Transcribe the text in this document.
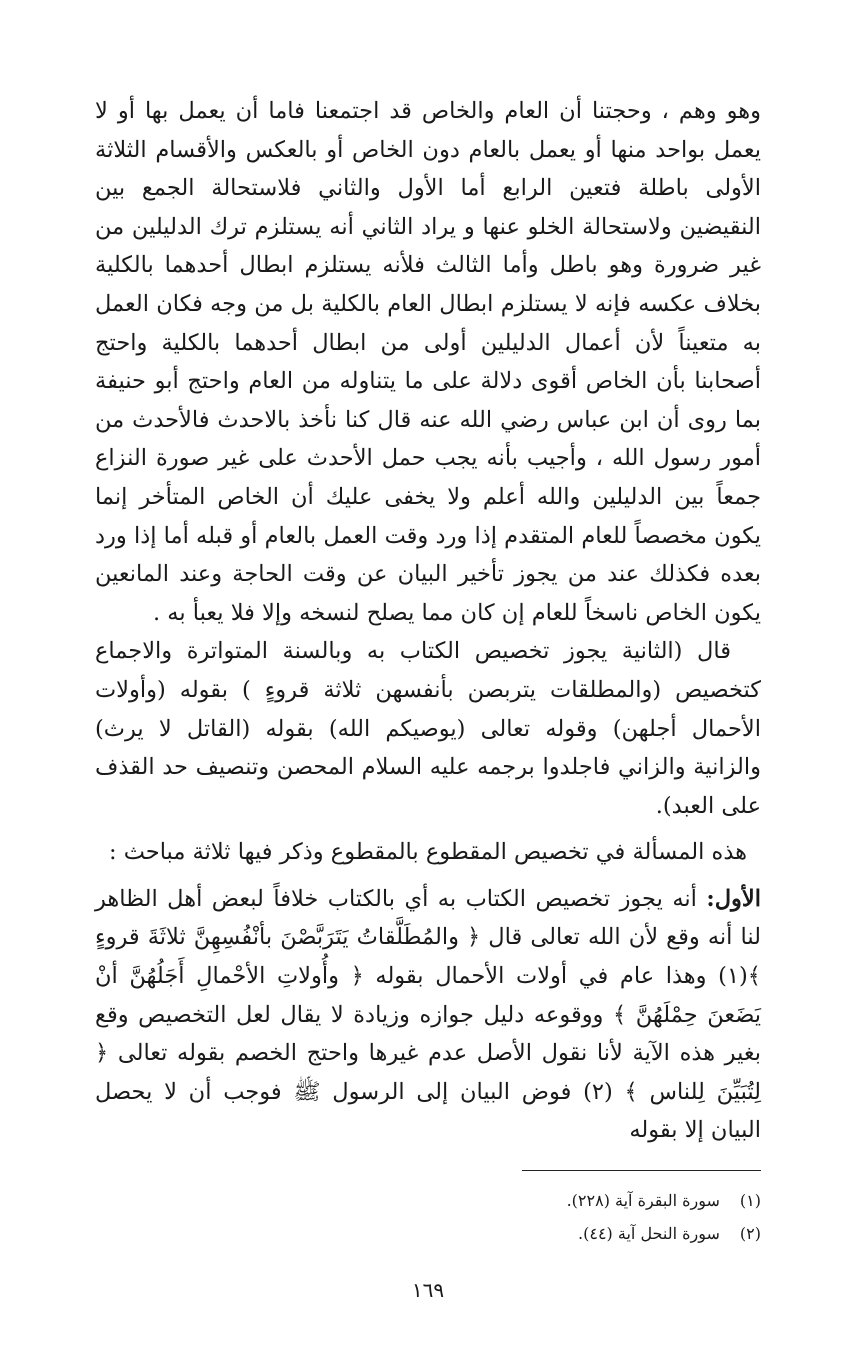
وهو وهم ، وحجتنا أن العام والخاص قد اجتمعنا فاما أن يعمل بها أو لا يعمل بواحد منها أو يعمل بالعام دون الخاص أو بالعكس والأقسام الثلاثة الأولى باطلة فتعين الرابع أما الأول والثاني فلاستحالة الجمع بين النقيضين ولاستحالة الخلو عنها و يراد الثاني أنه يستلزم ترك الدليلين من غير ضرورة وهو باطل وأما الثالث فلأنه يستلزم ابطال أحدهما بالكلية بخلاف عكسه فإنه لا يستلزم ابطال العام بالكلية بل من وجه فكان العمل به متعيناً لأن أعمال الدليلين أولى من ابطال أحدهما بالكلية واحتج أصحابنا بأن الخاص أقوى دلالة على ما يتناوله من العام واحتج أبو حنيفة بما روى أن ابن عباس رضي الله عنه قال كنا نأخذ بالاحدث فالأحدث من أمور رسول الله ، وأجيب بأنه يجب حمل الأحدث على غير صورة النزاع جمعاً بين الدليلين والله أعلم ولا يخفى عليك أن الخاص المتأخر إنما يكون مخصصاً للعام المتقدم إذا ورد وقت العمل بالعام أو قبله أما إذا ورد بعده فكذلك عند من يجوز تأخير البيان عن وقت الحاجة وعند المانعين يكون الخاص ناسخاً للعام إن كان مما يصلح لنسخه وإلا فلا يعبأ به .

قال (الثانية يجوز تخصيص الكتاب به وبالسنة المتواترة والاجماع كتخصيص (والمطلقات يتربصن بأنفسهن ثلاثة قروءٍ ) بقوله (وأولات الأحمال أجلهن) وقوله تعالى (يوصيكم الله) بقوله (القاتل لا يرث) والزانية والزاني فاجلدوا برجمه عليه السلام المحصن وتنصيف حد القذف على العبد).

هذه المسألة في تخصيص المقطوع بالمقطوع وذكر فيها ثلاثة مباحث :

الأول: أنه يجوز تخصيص الكتاب به أي بالكتاب خلافاً لبعض أهل الظاهر لنا أنه وقع لأن الله تعالى قال ﴿ والمُطَلَّقاتُ يَتَرَبَّصْنَ بأنْفُسِهِنَّ ثلاثَةَ قروءٍ ﴾(١) وهذا عام في أولات الأحمال بقوله ﴿ وأُولاتِ الأحْمالِ أَجَلُهُنَّ أنْ يَضَعنَ حِمْلَهُنَّ ﴾ ووقوعه دليل جوازه وزيادة لا يقال لعل التخصيص وقع بغير هذه الآية لأنا نقول الأصل عدم غيرها واحتج الخصم بقوله تعالى ﴿ لِتُبَيِّنَ لِلناس ﴾ (٢) فوض البيان إلى الرسول ﷺ فوجب أن لا يحصل البيان إلا بقوله

(١) سورة البقرة آية (٢٢٨).
(٢) سورة النحل آية (٤٤).
١٦٩
